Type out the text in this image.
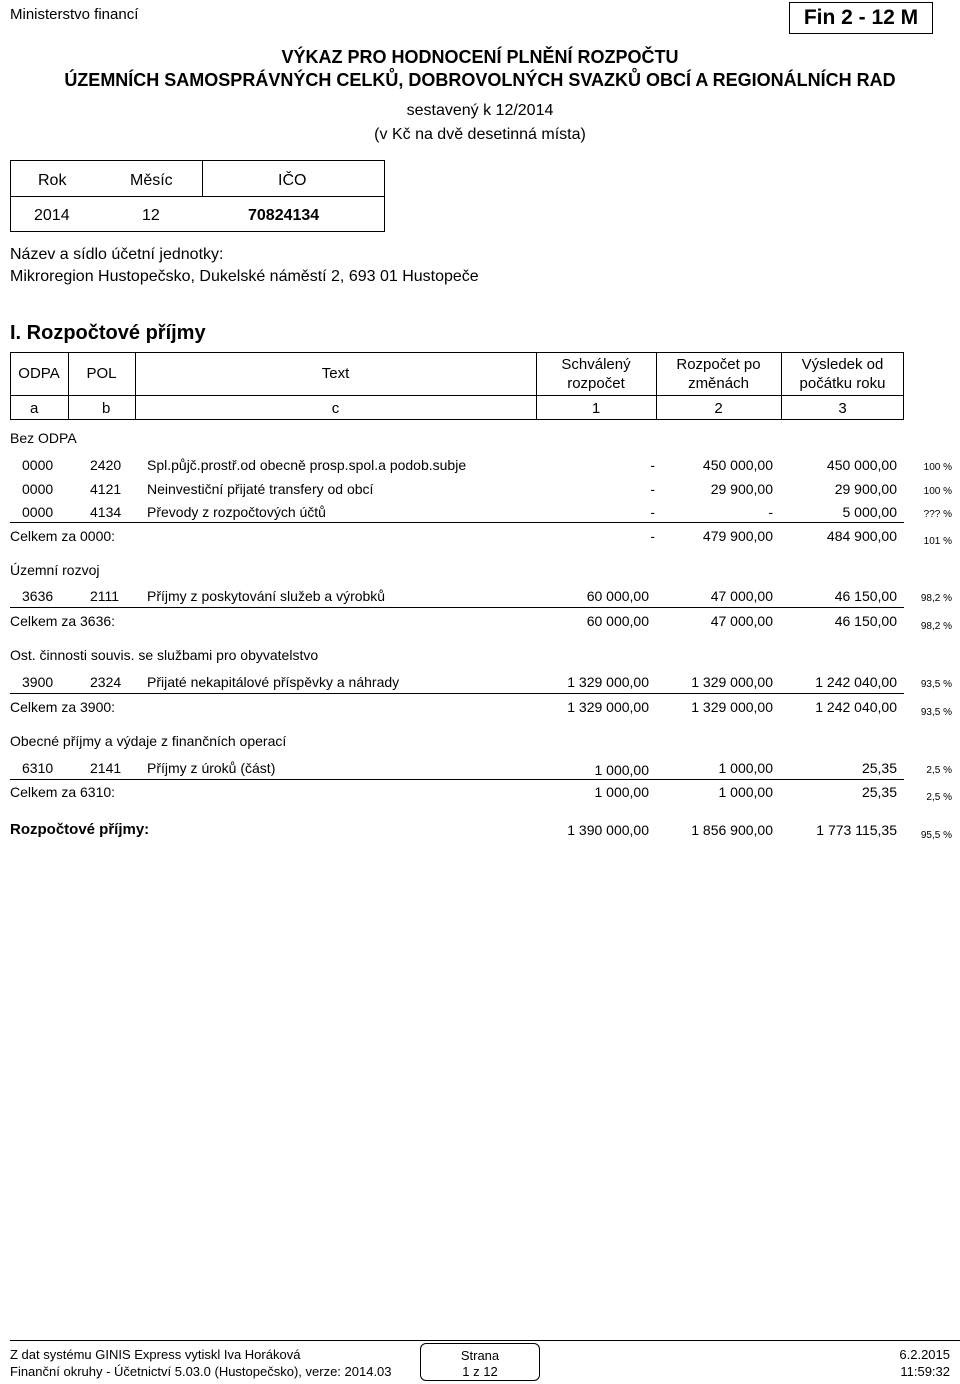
Ministerstvo financí	Fin 2 - 12 M
VÝKAZ PRO HODNOCENÍ PLNĚNÍ ROZPOČTU
ÚZEMNÍCH SAMOSPRÁVNÝCH CELKŮ, DOBROVOLNÝCH SVAZKŮ OBCÍ A REGIONÁLNÍCH RAD
sestavený k 12/2014
(v Kč na dvě desetinná místa)
Rok	Měsíc	IČO
2014	12	70824134
Název a sídlo účetní jednotky:
Mikroregion Hustopečsko, Dukelské náměstí 2, 693 01 Hustopeče
I. Rozpočtové příjmy
ODPA	POL	Text
Schválený
rozpočet
Rozpočet po
změnách
Výsledek od
počátku roku
a	b	c	1	2	3
Bez ODPA
0000	2420 Spl.půjč.prostř.od obecně prosp.spol.a podob.subje	-	450 000,00	450 000,00	100 %
0000	4121 Neinvestiční přijaté transfery od obcí	-	29 900,00	29 900,00	100 %
0000	4134 Převody z rozpočtových účtů	-	-	5 000,00	??? %
Celkem za 0000:	-	479 900,00	484 900,00	101 %
Územní rozvoj
3636	2111 Příjmy z poskytování služeb a výrobků	60 000,00	47 000,00	46 150,00 98,2 %
Celkem za 3636:	60 000,00	47 000,00	46 150,00 98,2 %
Ost. činnosti souvis. se službami pro obyvatelstvo
3900	2324 Přijaté nekapitálové příspěvky a náhrady	1 329 000,00	1 329 000,00	1 242 040,00 93,5 %
Celkem za 3900:	1 329 000,00	1 329 000,00	1 242 040,00 93,5 %
Obecné příjmy a výdaje z finančních operací
6310	2141 Příjmy z úroků (část)	1 000,00	1 000,00	25,35	2,5 %
Celkem za 6310:	1 000,00	1 000,00	25,35	2,5 %
Rozpočtové příjmy:	1 390 000,00	1 856 900,00	1 773 115,35 95,5 %
Z dat systému GINIS Express vytiskl Iva Horáková
Finanční okruhy - Účetnictví 5.03.0 (Hustopečsko), verze: 2014.03
Strana
1 z 12
6.2.2015
11:59:32
